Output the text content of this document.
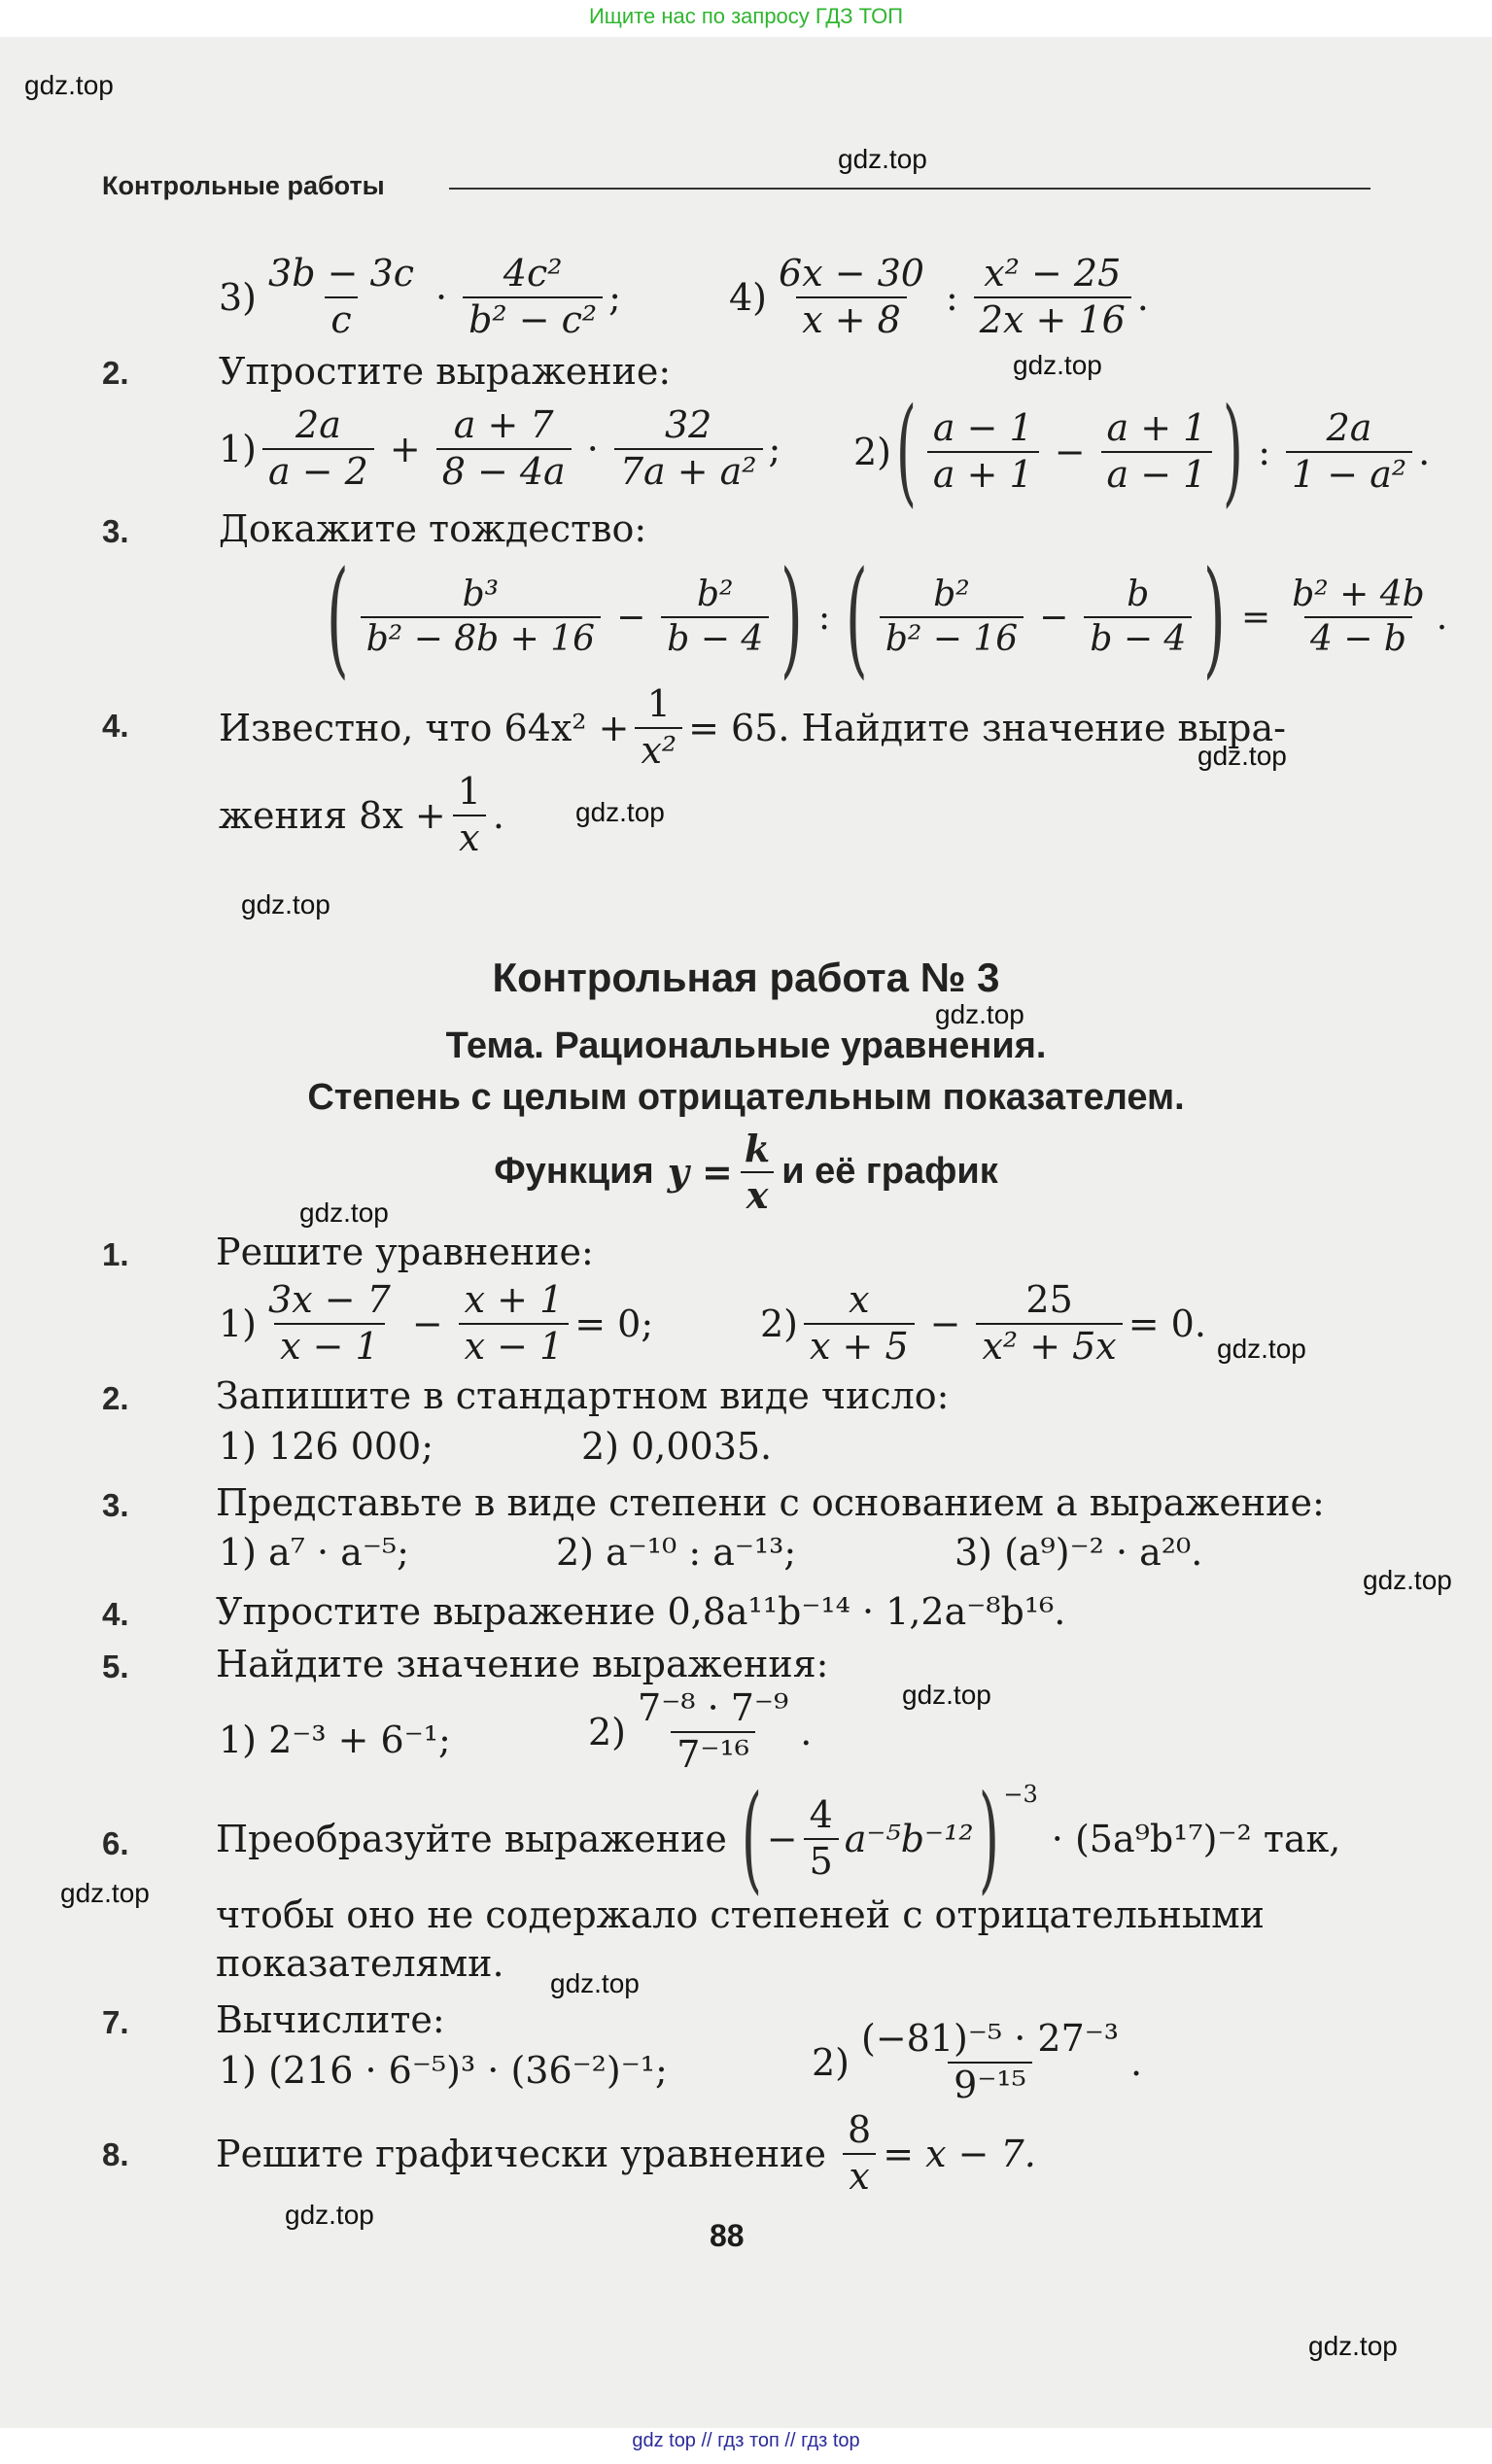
Ищите нас по запросу ГДЗ ТОП
gdz.top
gdz.top
gdz.top
gdz.top
gdz.top
gdz.top
gdz.top
gdz.top
gdz.top
gdz.top
gdz.top
gdz.top
gdz.top
gdz.top
gdz.top
Контрольные работы
$3) \frac{3b - 3c}{c} \cdot \frac{\text{4c²}}{\text{b² − c²}}$ ;	$4) \frac{6x - 30}{x + 8}$ : $\frac{\text{x² − 25}}{2x + 16}$ .
2. Упростите выражение:
$1) \frac{2a}{a - 2} + \frac{a + 7}{8 - 4a} \cdot \frac{32}{\text{7a + a²}}$ ; 2) ( $\frac{a - 1}{a + 1} - \frac{a + 1}{a - 1}$ ) : $\frac{2a}{\text{1 − a²}}$ .
3. Докажите тождество:
( $\frac{\text{b³}}{\text{b² − 8b + 16}} - \frac{\text{b²}}{b - 4}$ ) : ( $\frac{\text{b²}}{\text{b² − 16}} - \frac{b}{b - 4}$ ) = $\frac{\text{b² + 4b}}{4 - b}$ .
4. Известно, что $64x^2 + \frac{1}{\text{x²}} = 65$. Найдите значение выра-
жения $8x + \frac{1}{x}$ .
Контрольная работа № 3
Тема. Рациональные уравнения.
Степень с целым отрицательным показателем.
Функция $y = \frac{k}{x}$ и её график
1. Решите уравнение:
$1) \frac{3x - 7}{x - 1} - \frac{x + 1}{x - 1} = 0$;	$2) \frac{x}{x + 5} - \frac{25}{\text{x² + 5x}} = 0$.
2. Запишите в стандартном виде число:
1) 126 000;	2) 0,0035.
3. Представьте в виде степени с основанием a выражение:
1) a⁷ · a⁻⁵;	2) a⁻¹⁰ : a⁻¹³;	3) (a⁹)⁻² · a²⁰.
4. Упростите выражение 0,8a¹¹b⁻¹⁴ · 1,2a⁻⁸b¹⁶.
5. Найдите значение выражения:
1) 2⁻³ + 6⁻¹;	$2) \frac{\text{7⁻⁸ · 7⁻⁹}}{\text{7⁻¹⁶}}$ .
6. Преобразуйте выражение ( − $\frac{4}{5} a^{-5}b^{-12}$ ) −3
· (5a⁹b¹⁷)⁻² так,
чтобы оно не содержало степеней с отрицательными
показателями.
7. Вычислите:
1) (216 · 6⁻⁵)³ · (36⁻²)⁻¹;	$2) \frac{\text{(−81)⁻⁵ · 27⁻³}}{\text{9⁻¹⁵}}$ .
8. Решите графически уравнение $\frac{8}{x} = x - 7$.
88
gdz top // гдз топ // гдз top
